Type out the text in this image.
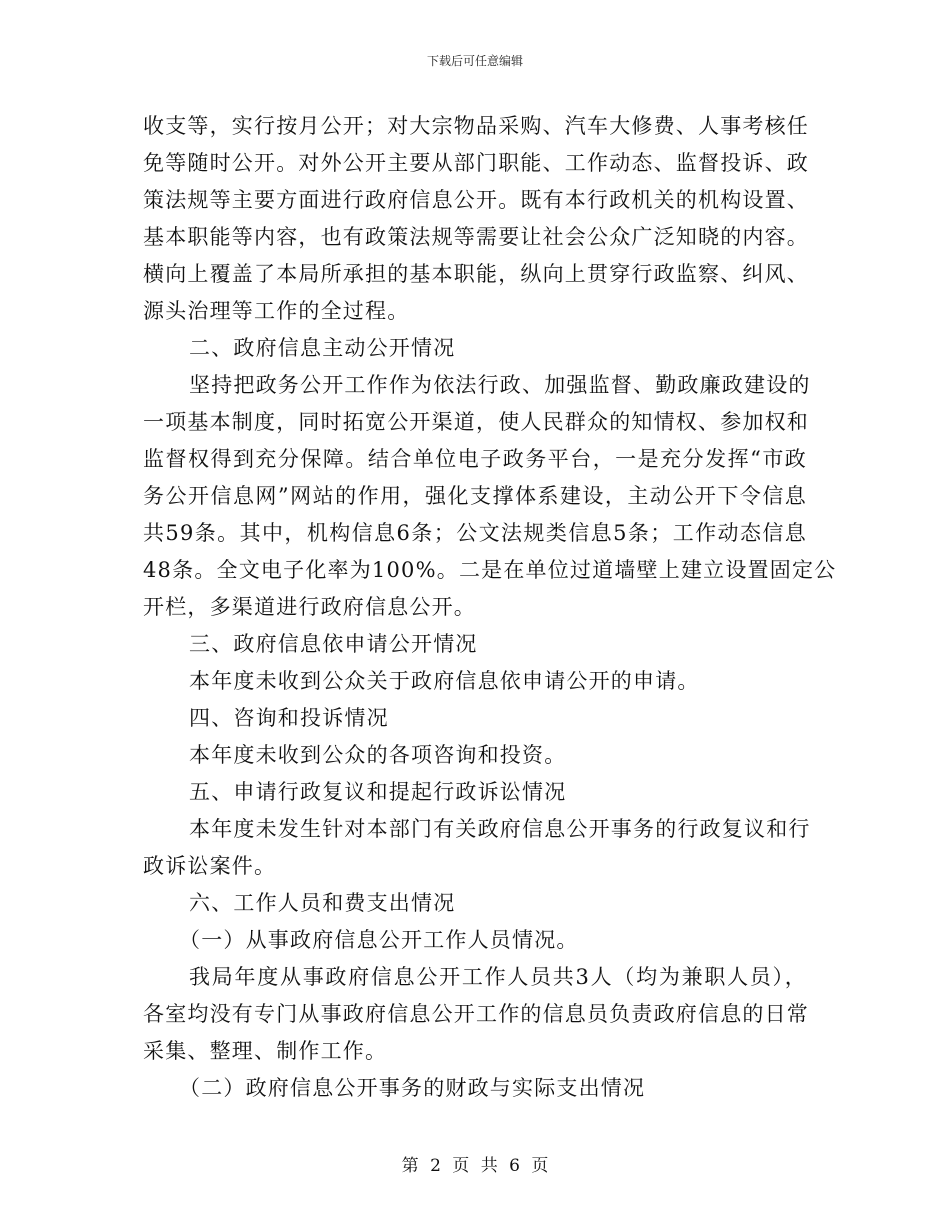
下载后可任意编辑
收支等，实行按月公开；对大宗物品采购、汽车大修费、人事考核任
免等随时公开。对外公开主要从部门职能、工作动态、监督投诉、政
策法规等主要方面进行政府信息公开。既有本行政机关的机构设置、
基本职能等内容，也有政策法规等需要让社会公众广泛知晓的内容。
横向上覆盖了本局所承担的基本职能，纵向上贯穿行政监察、纠风、
源头治理等工作的全过程。
二、政府信息主动公开情况
坚持把政务公开工作作为依法行政、加强监督、勤政廉政建设的
一项基本制度，同时拓宽公开渠道，使人民群众的知情权、参加权和
监督权得到充分保障。结合单位电子政务平台，一是充分发挥“市政
务公开信息网”网站的作用，强化支撑体系建设，主动公开下令信息
共59条。其中，机构信息6条；公文法规类信息5条；工作动态信息
48条。全文电子化率为100%。二是在单位过道墙壁上建立设置固定公
开栏，多渠道进行政府信息公开。
三、政府信息依申请公开情况
本年度未收到公众关于政府信息依申请公开的申请。
四、咨询和投诉情况
本年度未收到公众的各项咨询和投资。
五、申请行政复议和提起行政诉讼情况
本年度未发生针对本部门有关政府信息公开事务的行政复议和行
政诉讼案件。
六、工作人员和费支出情况
（一）从事政府信息公开工作人员情况。
我局年度从事政府信息公开工作人员共3人（均为兼职人员），
各室均没有专门从事政府信息公开工作的信息员负责政府信息的日常
采集、整理、制作工作。
（二）政府信息公开事务的财政与实际支出情况
第 2 页 共 6 页
